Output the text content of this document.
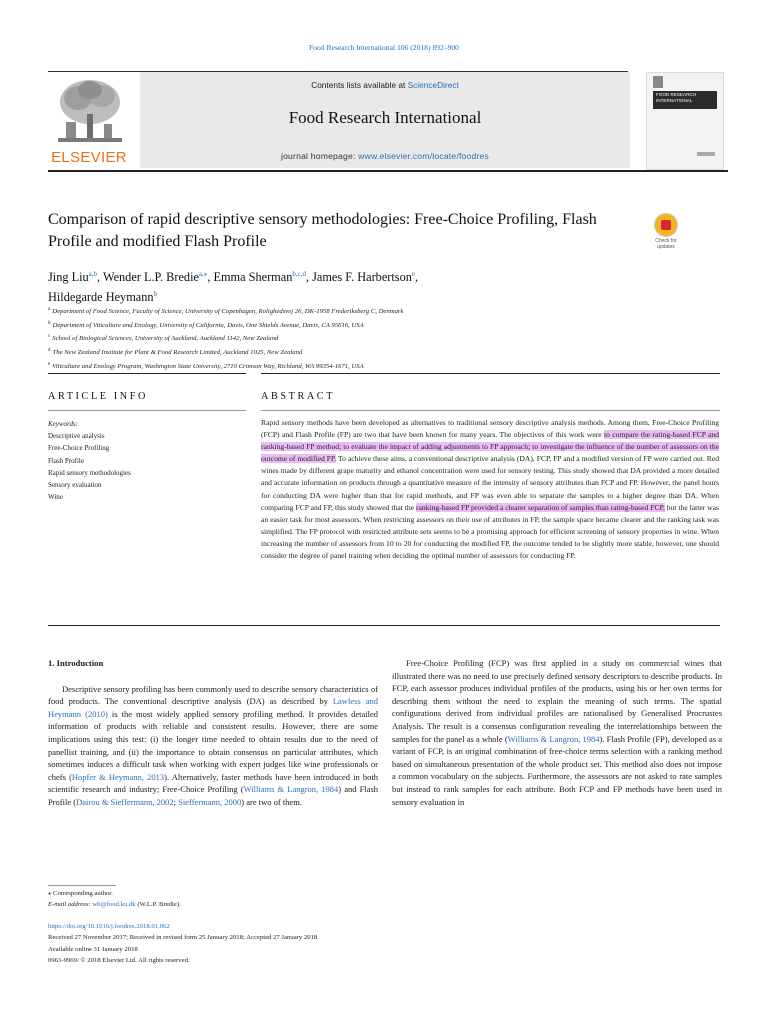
Food Research International 106 (2018) 892–900
ELSEVIER
Contents lists available at ScienceDirect
Food Research International
journal homepage: www.elsevier.com/locate/foodres
FOOD RESEARCH INTERNATIONAL
Comparison of rapid descriptive sensory methodologies: Free-Choice Profiling, Flash Profile and modified Flash Profile	Check for updates
Jing Liu$^{a,b}$, Wender L.P. Bredie$^{a,⁎}$, Emma Sherman$^{b,c,d}$, James F. Harbertson$^e$,
Hildegarde Heymann$^b$
$^a$ Department of Food Science, Faculty of Science, University of Copenhagen, Rolighedsvej 26, DK-1958 Frederiksberg C, Denmark
$^b$ Department of Viticulture and Enology, University of California, Davis, One Shields Avenue, Davis, CA 95616, USA
$^c$ School of Biological Sciences, University of Auckland, Auckland 1142, New Zealand
$^d$ The New Zealand Institute for Plant & Food Research Limited, Auckland 1025, New Zealand
$^e$ Viticulture and Enology Program, Washington State University, 2710 Crimson Way, Richland, WA 99354-1671, USA
ARTICLE INFO	ABSTRACT
Keywords:
Descriptive analysis
Free-Choice Profiling
Flash Profile
Rapid sensory methodologies
Sensory evaluation
Wine
Rapid sensory methods have been developed as alternatives to traditional sensory descriptive analysis methods. Among them, Free-Choice Profiling (FCP) and Flash Profile (FP) are two that have been known for many years. The objectives of this work were to compare the rating-based FCP and ranking-based FP method; to evaluate the impact of adding adjustments to FP approach; to investigate the influence of the number of assessors on the outcome of modified FP. To achieve these aims, a conventional descriptive analysis (DA), FCP, FP and a modified version of FP were carried out. Red wines made by different grape maturity and ethanol concentration were used for sensory testing. This study showed that DA provided a more detailed and accurate information on products through a quantitative measure of the intensity of sensory attributes than FCP and FP. However, the panel hours for conducting DA were higher than that for rapid methods, and FP was even able to separate the samples to a higher degree than DA. When comparing FCP and FP, this study showed that the ranking-based FP provided a clearer separation of samples than rating-based FCP, but the latter was an easier task for most assessors. When restricting assessors on their use of attributes in FP, the sample space became clearer and the ranking task was simplified. The FP protocol with restricted attribute sets seems to be a promising approach for efficient screening of sensory properties in wine. When increasing the number of assessors from 10 to 20 for conducting the modified FP, the outcome tended to be slightly more stable, however, one should consider the degree of panel training when deciding the optimal number of assessors for conducting FP.

1. Introduction

Descriptive sensory profiling has been commonly used to describe sensory characteristics of food products. The conventional descriptive analysis (DA) as described by Lawless and Heymann (2010) is the most widely applied sensory profiling method. It provides detailed information of products with reliable and consistent results. However, there are some implications using this test: (i) the longer time needed to obtain results due to the need of panellist training, and (ii) the importance to obtain consensus on particular attributes, which sometimes induces a difficult task when working with expert judges like wine professionals or chefs (Hopfer & Heymann, 2013). Alternatively, faster methods have been introduced in both scientific research and industry; Free-Choice Profiling (Williams & Langron, 1984) and Flash Profile (Dairou & Sieffermann, 2002; Sieffermann, 2000) are two of them.

Free-Choice Profiling (FCP) was first applied in a study on commercial wines that illustrated there was no need to use precisely defined sensory descriptors to describe products. In FCP, each assessor produces individual profiles of the products, using his or her own terms for describing them without the need to explain the meaning of such terms. The spatial configurations derived from individual profiles are rationalised by Generalised Procrustes Analysis. The result is a consensus configuration revealing the interrelationships between the samples for the panel as a whole (Williams & Langron, 1984). Flash Profile (FP), developed as a variant of FCP, is an original combination of free-choice terms selection with a ranking method based on simultaneous presentation of the whole product set. This method also does not impose a common vocabulary on the subjects. Furthermore, the assessors are not asked to rate samples but instead to rank samples for each attribute. Both FCP and FP methods have been used in sensory evaluation in

⁎ Corresponding author.
E-mail address: wb@food.ku.dk (W.L.P. Bredie).
https://doi.org/10.1016/j.foodres.2018.01.062
Received 27 November 2017; Received in revised form 25 January 2018; Accepted 27 January 2018
Available online 31 January 2018
0963-9969/ © 2018 Elsevier Ltd. All rights reserved.
